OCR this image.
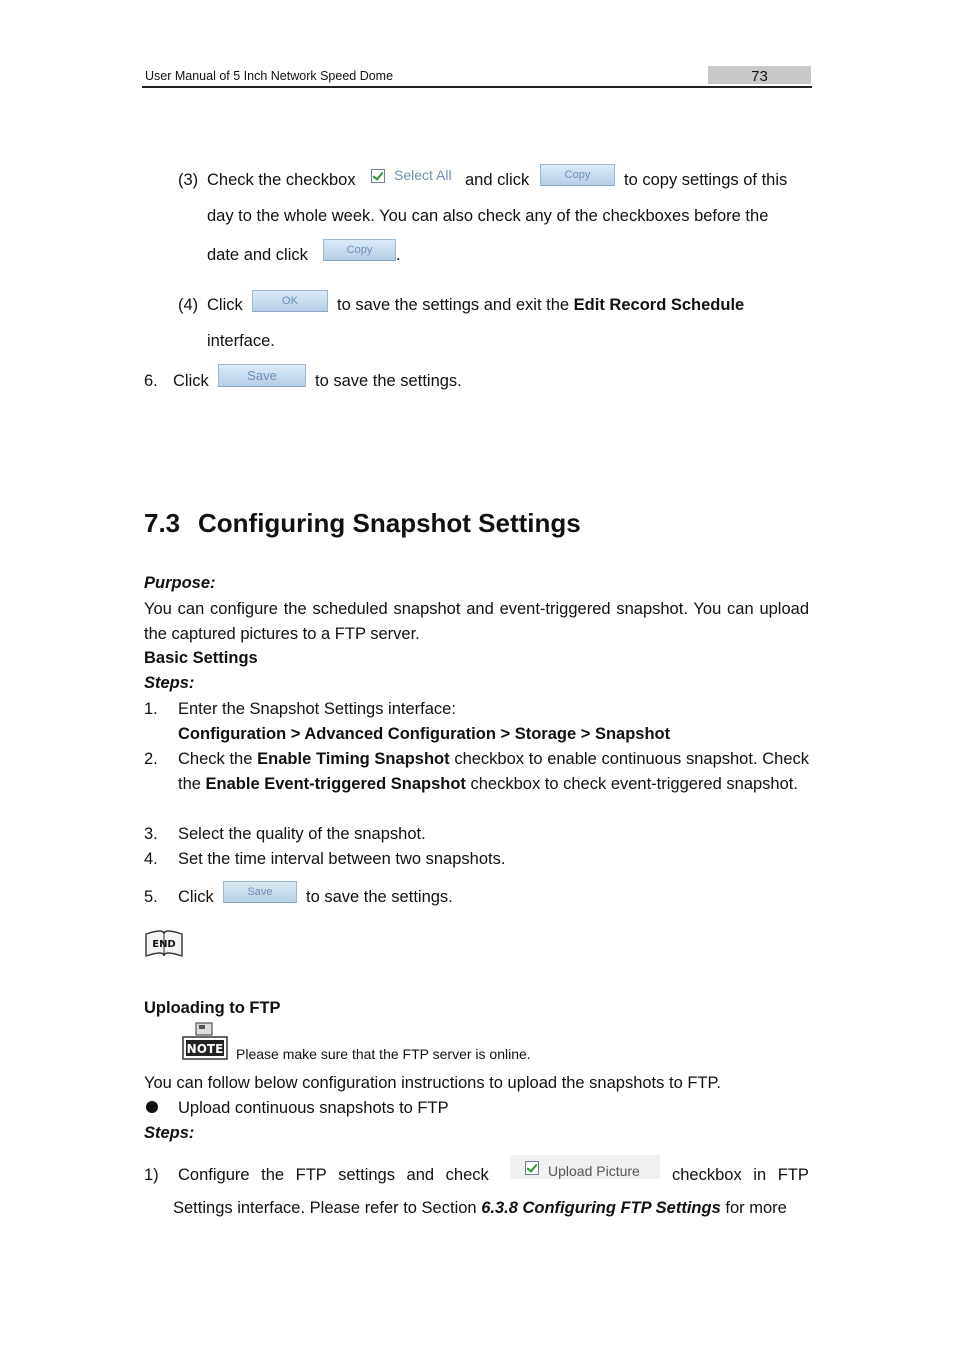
User Manual of 5 Inch Network Speed Dome	73
(3) Check the checkbox	Select All and click	Copy	to copy settings of this
day to the whole week. You can also check any of the checkboxes before the
date and click	Copy	.
(4) Click	OK	to save the settings and exit the Edit Record Schedule
interface.
6. Click	Save	to save the settings.
7.3 Configuring Snapshot Settings
Purpose:
You can configure the scheduled snapshot and event-triggered snapshot. You can upload the captured pictures to a FTP server.
Basic Settings
Steps:
1. Enter the Snapshot Settings interface:
Configuration > Advanced Configuration > Storage > Snapshot
2. Check the Enable Timing Snapshot checkbox to enable continuous snapshot. Check the Enable Event-triggered Snapshot checkbox to check event-triggered snapshot.
3. Select the quality of the snapshot.
4. Set the time interval between two snapshots.
5. Click	Save	to save the settings.
END
Uploading to FTP
NOTE Please make sure that the FTP server is online.
You can follow below configuration instructions to upload the snapshots to FTP.
Upload continuous snapshots to FTP
Steps:
1) Configure the FTP settings and check	Upload Picture checkbox in FTP
Settings interface. Please refer to Section 6.3.8 Configuring FTP Settings for more
